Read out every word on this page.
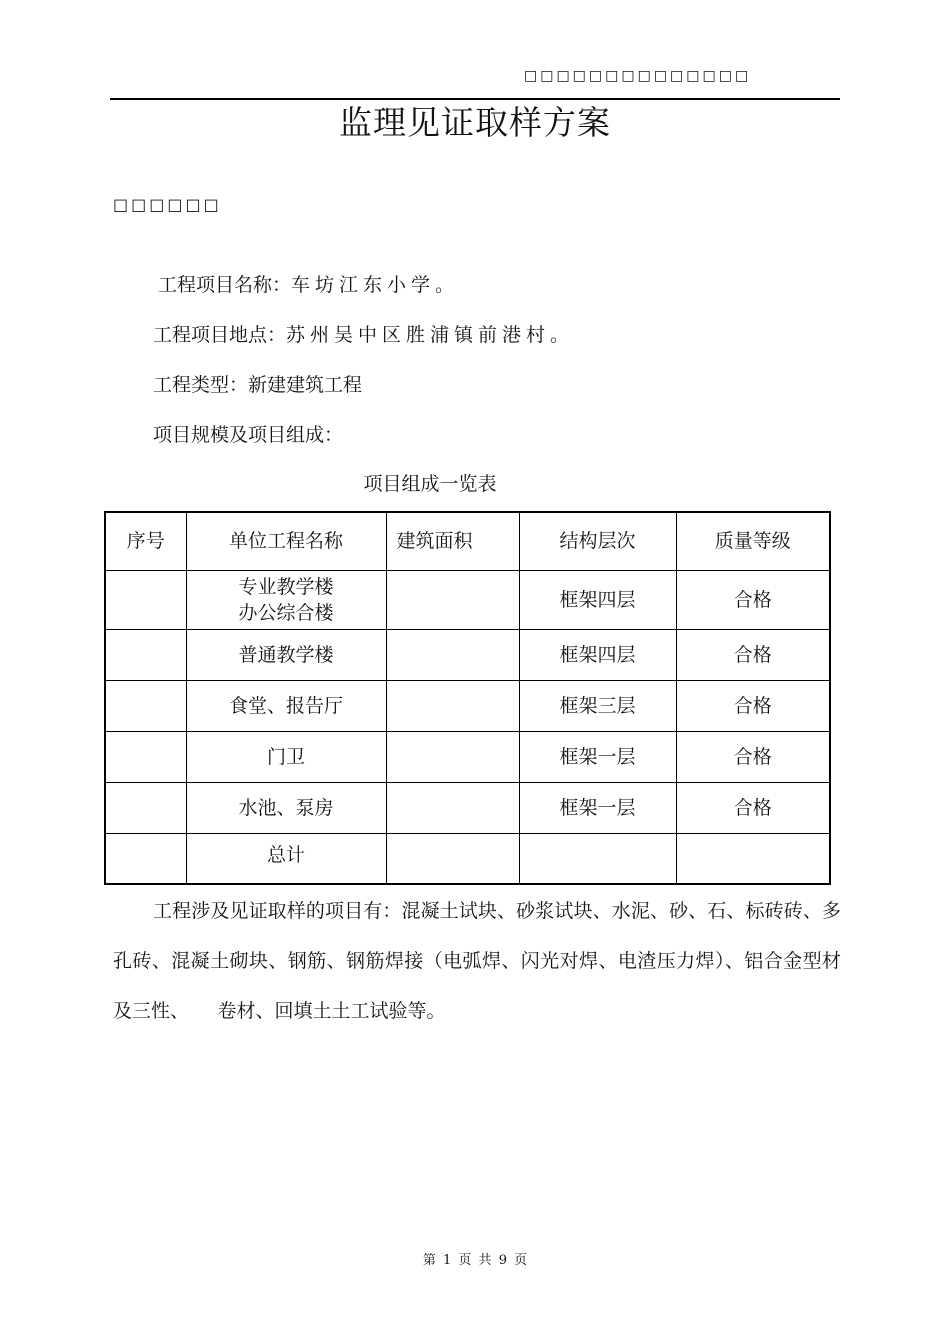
□□□□□□□□□□□□□□
监理见证取样方案
□□□□□□
工程项目名称：车坊江东小学。
工程项目地点：苏州吴中区胜浦镇前港村。
工程类型：新建建筑工程
项目规模及项目组成：
项目组成一览表
序号	单位工程名称	建筑面积	结构层次	质量等级

	专业教学楼
办公综合楼		框架四层	合格
	普通教学楼		框架四层	合格
	食堂、报告厅		框架三层	合格
	门卫		框架一层	合格
	水池、泵房		框架一层	合格
	总计			
工程涉及见证取样的项目有：混凝土试块、砂浆试块、水泥、砂、石、标砖砖、多孔砖、混凝土砌块、钢筋、钢筋焊接（电弧焊、闪光对焊、电渣压力焊）、铝合金型材及三性、　　卷材、回填土土工试验等。
第 1 页 共 9 页
